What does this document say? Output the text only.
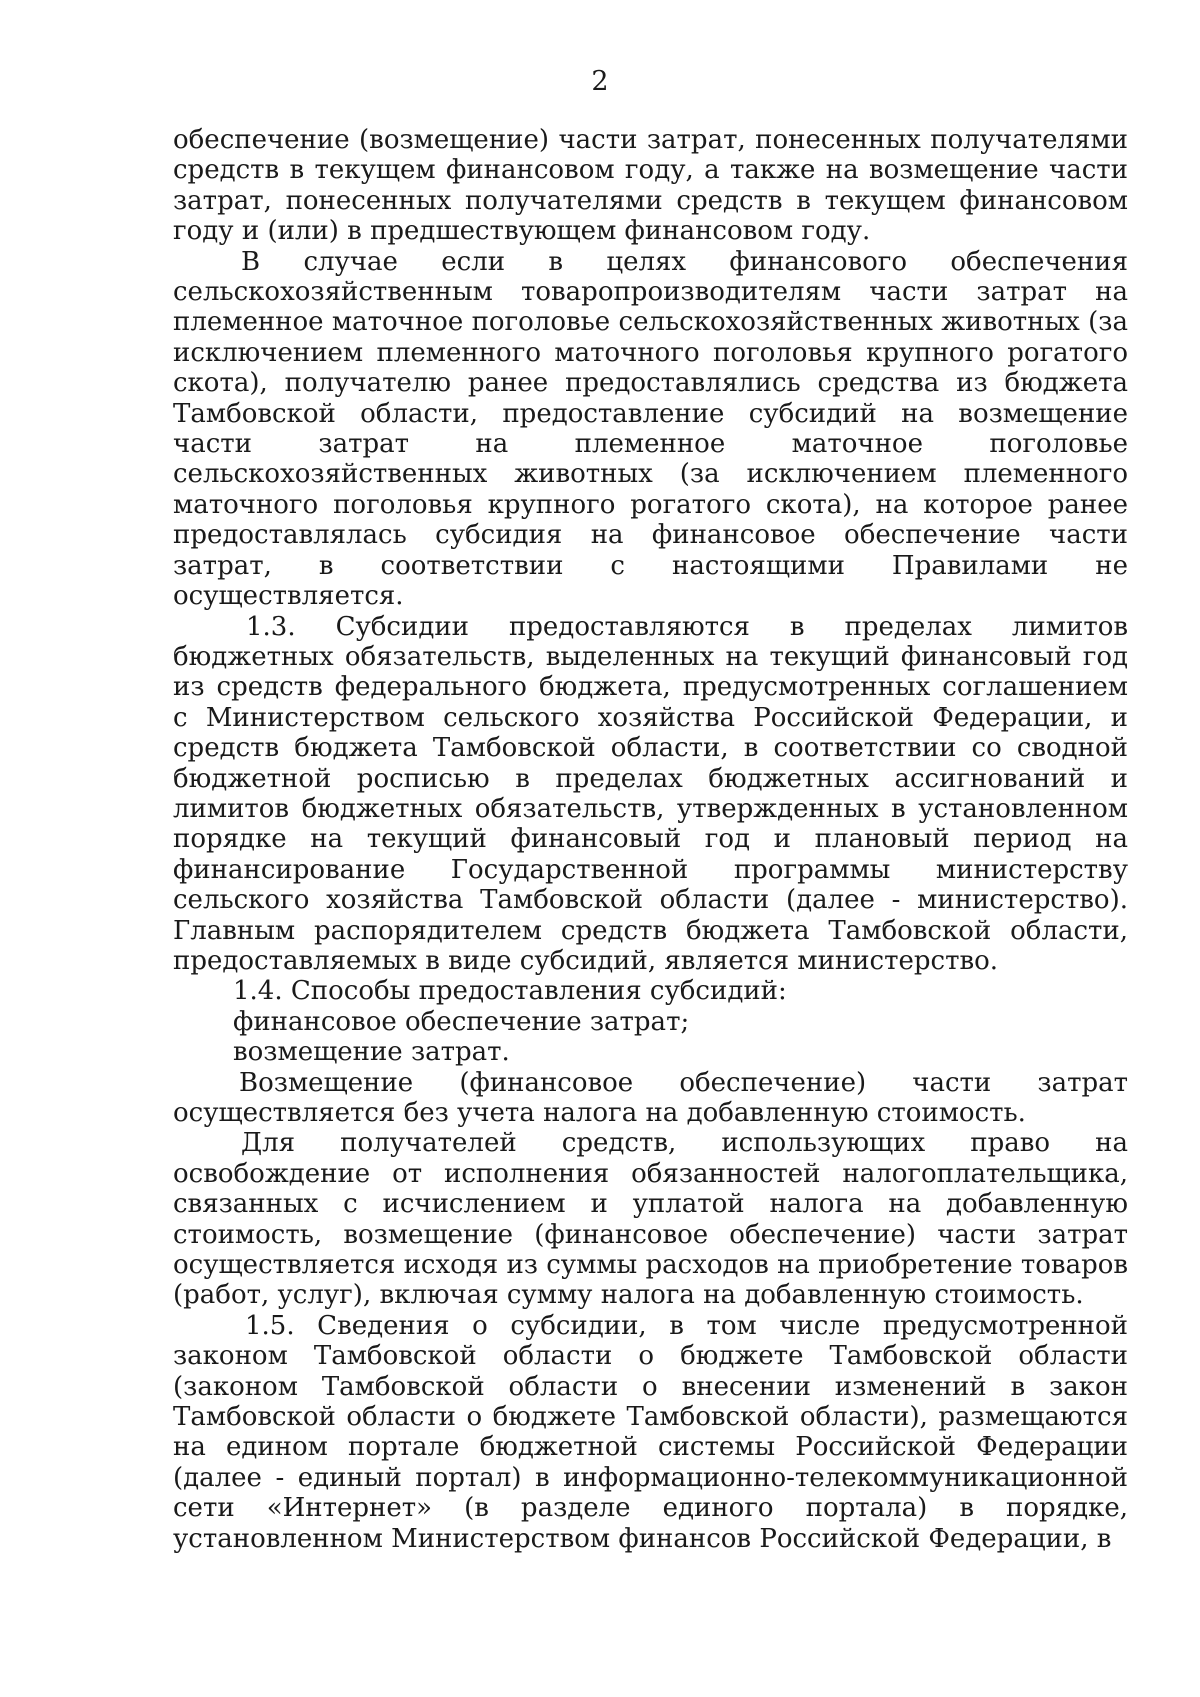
2

обеспечение (возмещение) части затрат, понесенных получателями средств в текущем финансовом году, а также на возмещение части затрат, понесенных получателями средств в текущем финансовом году и (или) в предшествующем финансовом году.

В случае если в целях финансового обеспечения сельскохозяйственным товаропроизводителям части затрат на племенное маточное поголовье сельскохозяйственных животных (за исключением племенного маточного поголовья крупного рогатого скота), получателю ранее предоставлялись средства из бюджета Тамбовской области, предоставление субсидий на возмещение части затрат на племенное маточное поголовье сельскохозяйственных животных (за исключением племенного маточного поголовья крупного рогатого скота), на которое ранее предоставлялась субсидия на финансовое обеспечение части затрат, в соответствии с настоящими Правилами не осуществляется.

1.3. Субсидии предоставляются в пределах лимитов бюджетных обязательств, выделенных на текущий финансовый год из средств федерального бюджета, предусмотренных соглашением с Министерством сельского хозяйства Российской Федерации, и средств бюджета Тамбовской области, в соответствии со сводной бюджетной росписью в пределах бюджетных ассигнований и лимитов бюджетных обязательств, утвержденных в установленном порядке на текущий финансовый год и плановый период на финансирование Государственной программы министерству сельского хозяйства Тамбовской области (далее - министерство). Главным распорядителем средств бюджета Тамбовской области, предоставляемых в виде субсидий, является министерство.

1.4. Способы предоставления субсидий:

финансовое обеспечение затрат;

возмещение затрат.

Возмещение (финансовое обеспечение) части затрат осуществляется без учета налога на добавленную стоимость.

Для получателей средств, использующих право на освобождение от исполнения обязанностей налогоплательщика, связанных с исчислением и уплатой налога на добавленную стоимость, возмещение (финансовое обеспечение) части затрат осуществляется исходя из суммы расходов на приобретение товаров (работ, услуг), включая сумму налога на добавленную стоимость.

1.5. Сведения о субсидии, в том числе предусмотренной законом Тамбовской области о бюджете Тамбовской области (законом Тамбовской области о внесении изменений в закон Тамбовской области о бюджете Тамбовской области), размещаются на едином портале бюджетной системы Российской Федерации (далее - единый портал) в информационно-телекоммуникационной сети «Интернет» (в разделе единого портала) в порядке, установленном Министерством финансов Российской Федерации, в
